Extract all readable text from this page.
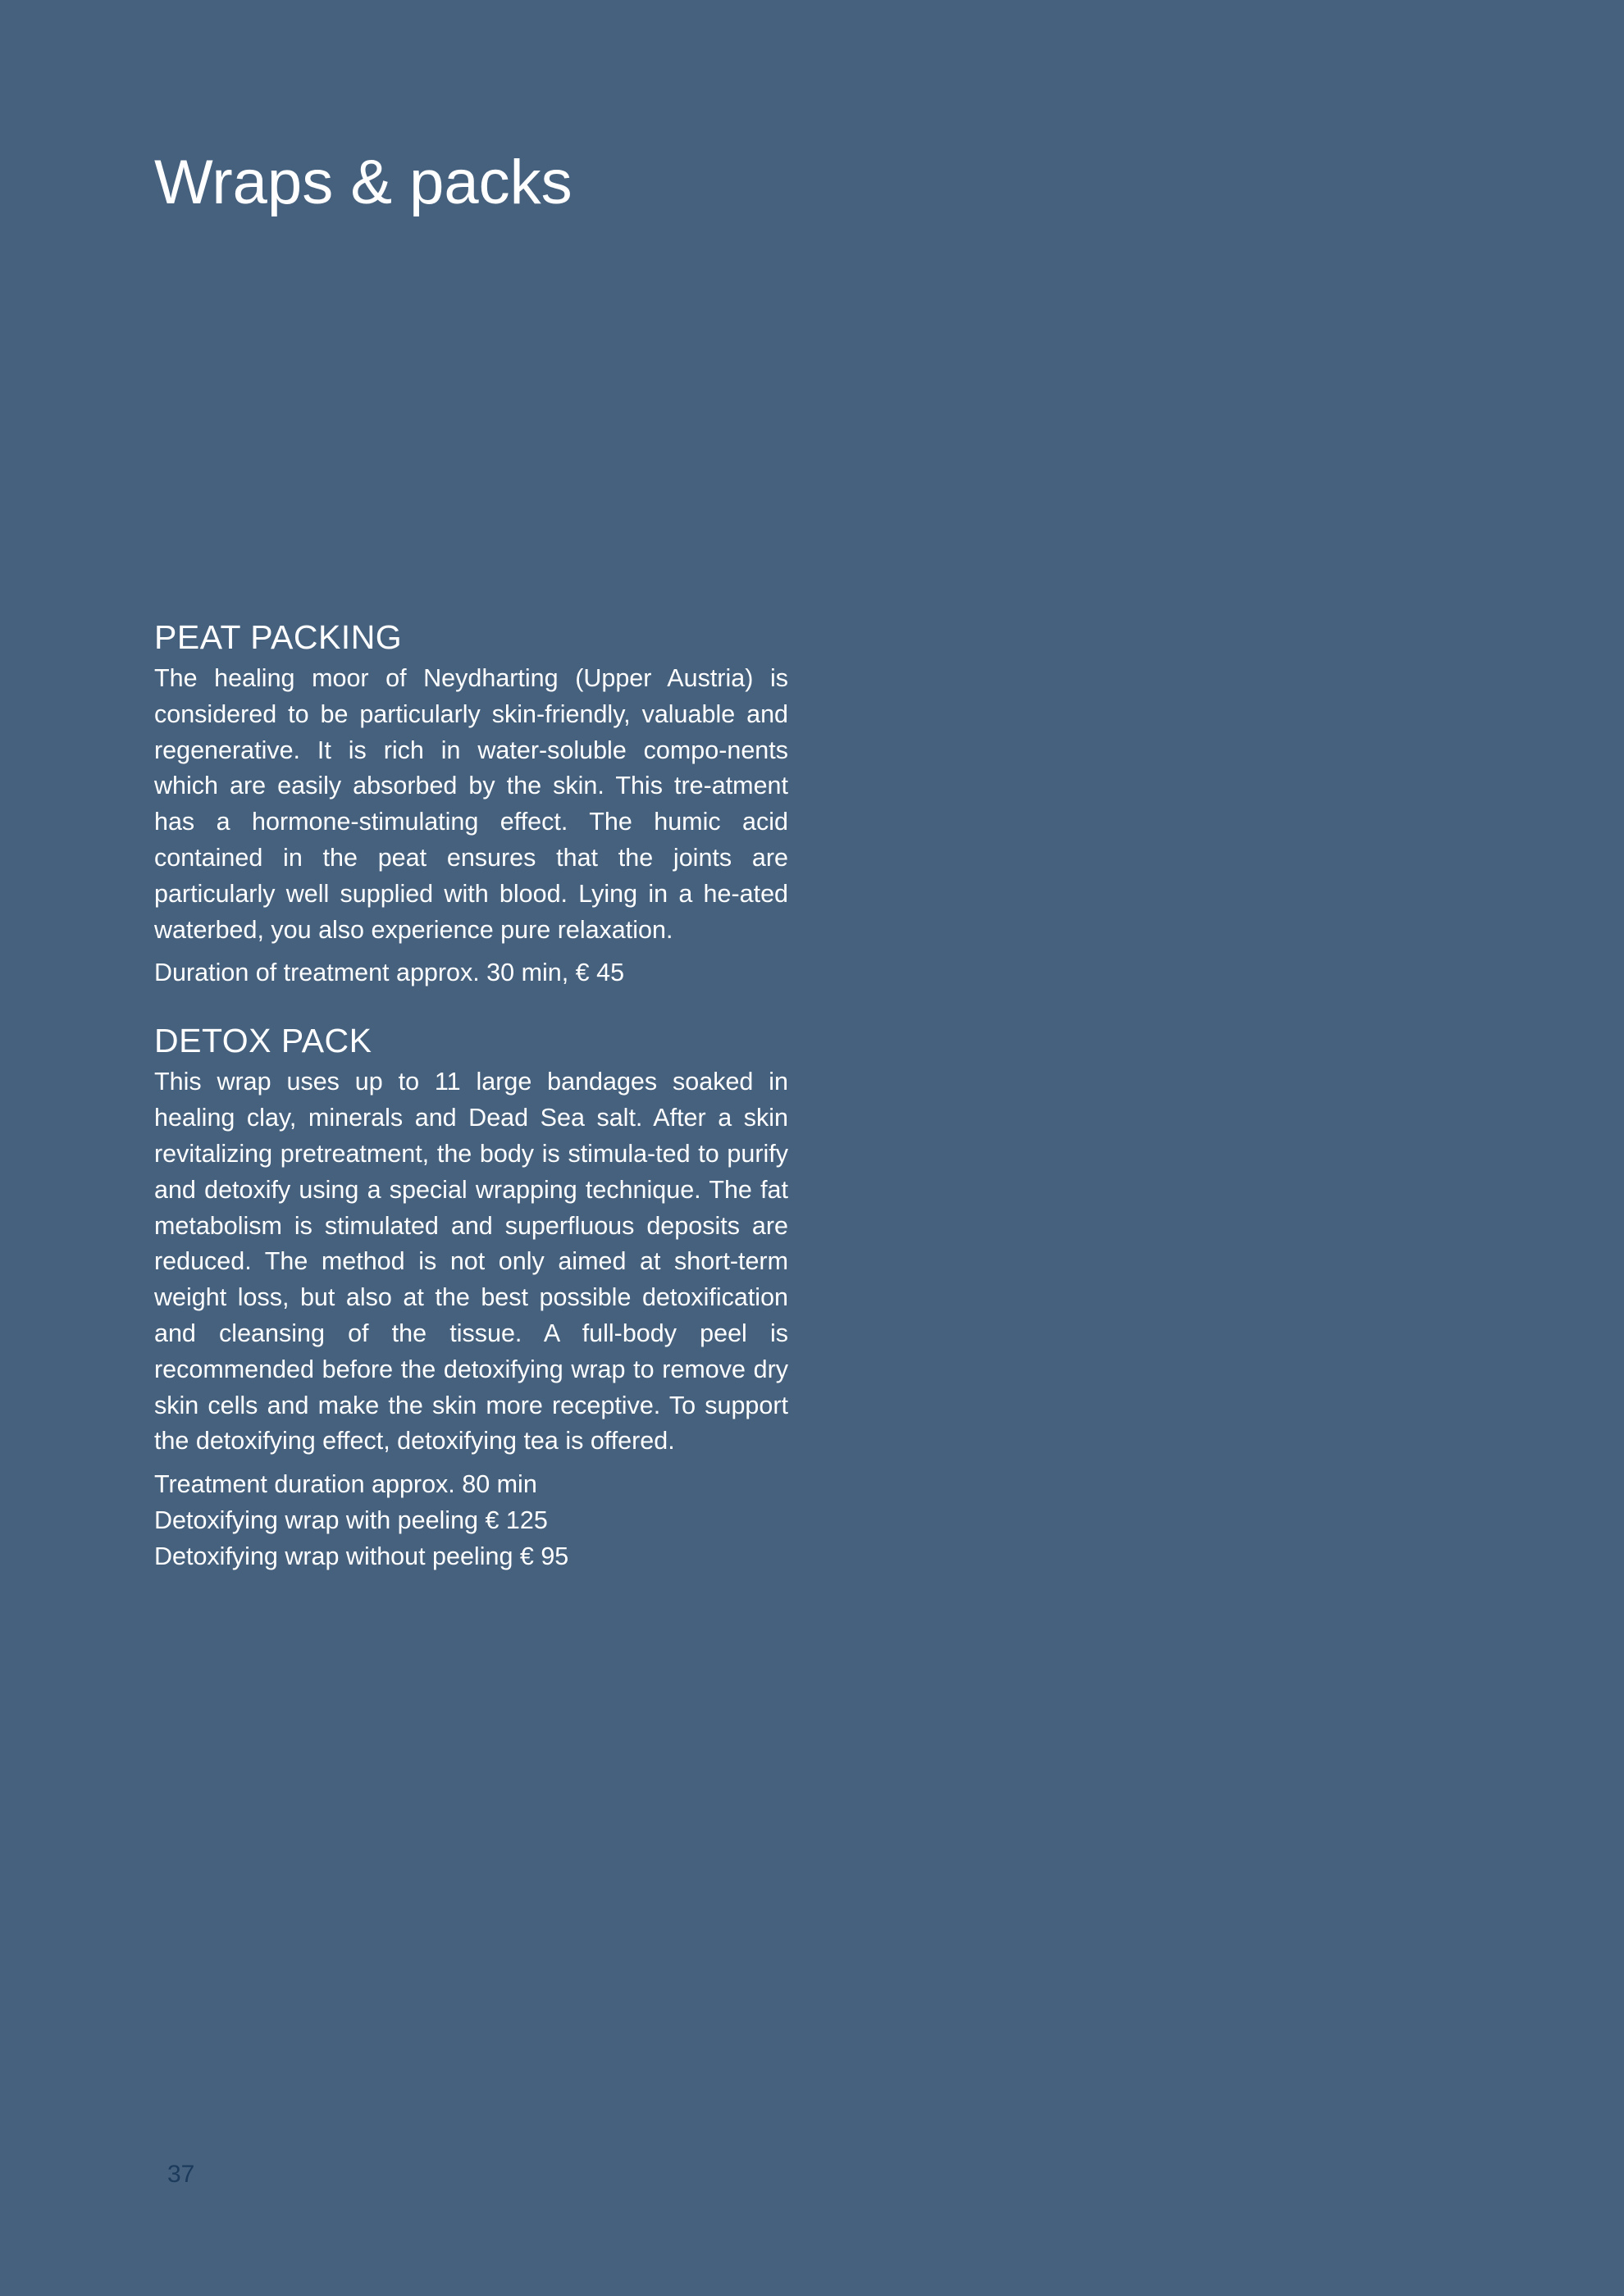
Wraps & packs
PEAT PACKING

The healing moor of Neydharting (Upper Austria) is considered to be particularly skin-friendly, valuable and regenerative. It is rich in water-soluble compo-nents which are easily absorbed by the skin. This tre-atment has a hormone-stimulating effect. The humic acid contained in the peat ensures that the joints are particularly well supplied with blood. Lying in a he-ated waterbed, you also experience pure relaxation.

Duration of treatment approx. 30 min, € 45
DETOX PACK

This wrap uses up to 11 large bandages soaked in healing clay, minerals and Dead Sea salt. After a skin revitalizing pretreatment, the body is stimula-ted to purify and detoxify using a special wrapping technique. The fat metabolism is stimulated and superfluous deposits are reduced. The method is not only aimed at short-term weight loss, but also at the best possible detoxification and cleansing of the tissue. A full-body peel is recommended before the detoxifying wrap to remove dry skin cells and make the skin more receptive. To support the detoxifying effect, detoxifying tea is offered.

Treatment duration approx. 80 min
Detoxifying wrap with peeling € 125
Detoxifying wrap without peeling € 95
37
